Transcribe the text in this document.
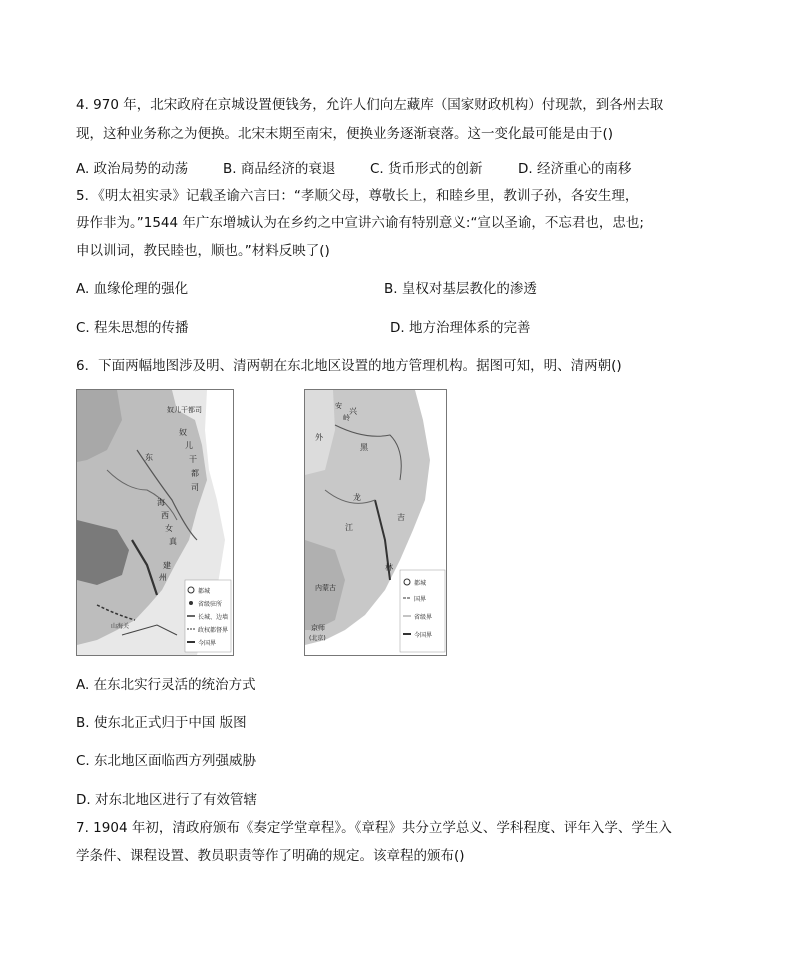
4. 970 年，北宋政府在京城设置便钱务，允许人们向左藏库（国家财政机构）付现款，到各州去取
现，这种业务称之为便换。北宋末期至南宋，便换业务逐渐衰落。这一变化最可能是由于()
A. 政治局势的动荡	B. 商品经济的衰退	C. 货币形式的创新	D. 经济重心的南移
5．《明太祖实录》记载圣谕六言曰：“孝顺父母，尊敬长上，和睦乡里，教训子孙，各安生理，
毋作非为。”1544 年广东增城认为在乡约之中宣讲六谕有特别意义:“宣以圣谕，不忘君也，忠也;
申以训词，教民睦也，顺也。”材料反映了()
A. 血缘伦理的强化	B. 皇权对基层教化的渗透
C. 程朱思想的传播	D. 地方治理体系的完善
6．下面两幅地图涉及明、清两朝在东北地区设置的地方管理机构。据图可知，明、清两朝()
奴儿干都司
奴
儿
干
都
司
海
西
女
真
东
建
州
山海关
都城
省级驻所
长城、边墙
政权都督界
今国界
外
安
岭
兴
黑
龙
江
吉
林
内蒙古
京师
(北京)
都城
国界
省级界
今国界
A. 在东北实行灵活的统治方式
B. 使东北正式归于中国 版图
C. 东北地区面临西方列强威胁
D. 对东北地区进行了有效管辖
7. 1904 年初，清政府颁布《奏定学堂章程》。《章程》共分立学总义、学科程度、评年入学、学生入
学条件、课程设置、教员职责等作了明确的规定。该章程的颁布()
